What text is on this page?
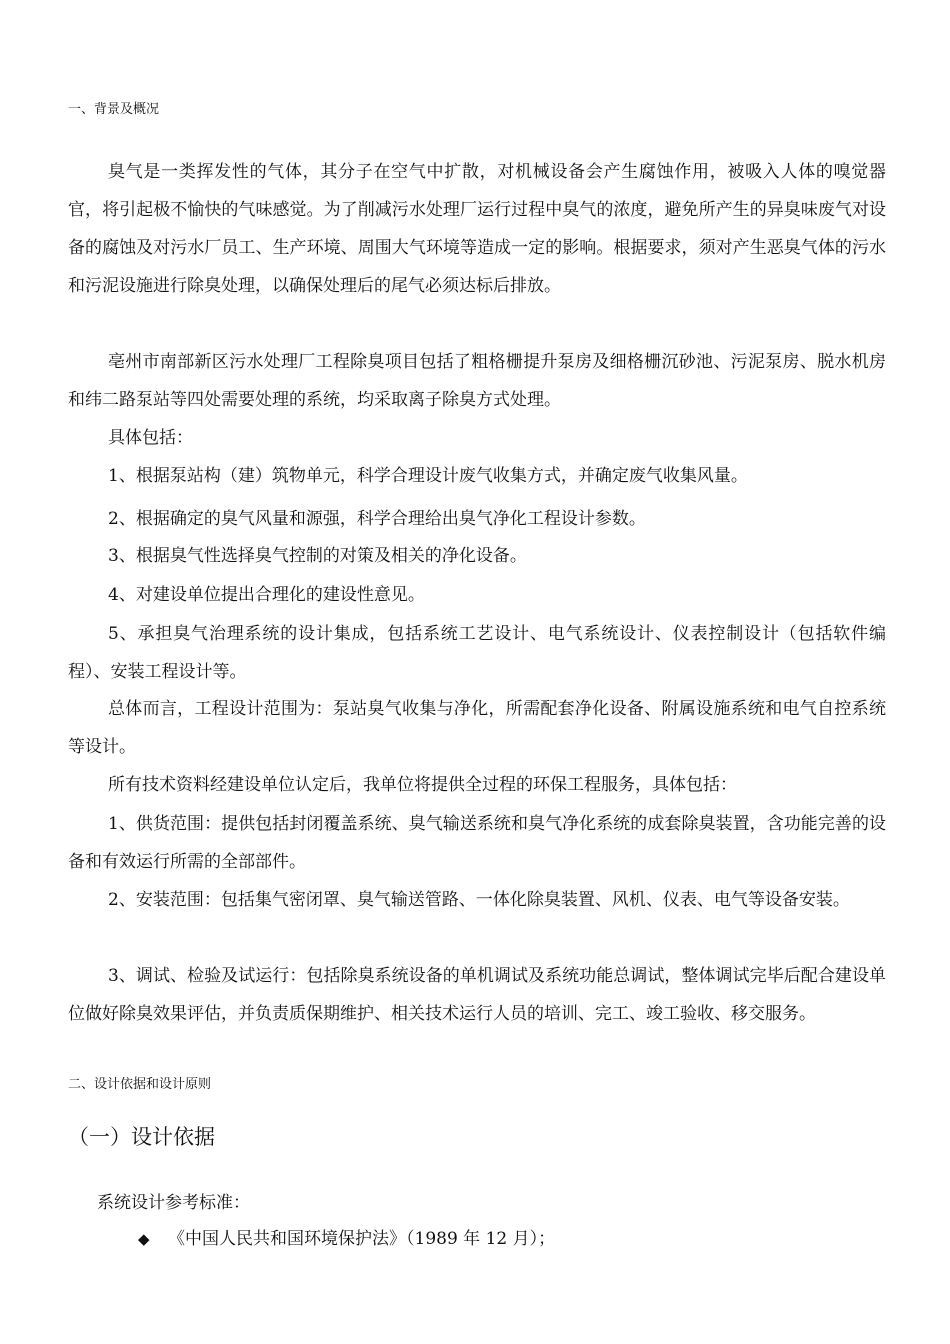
一、背景及概况

臭气是一类挥发性的气体，其分子在空气中扩散，对机械设备会产生腐蚀作用，被吸入人体的嗅觉器官，将引起极不愉快的气味感觉。为了削减污水处理厂运行过程中臭气的浓度，避免所产生的异臭味废气对设备的腐蚀及对污水厂员工、生产环境、周围大气环境等造成一定的影响。根据要求，须对产生恶臭气体的污水和污泥设施进行除臭处理，以确保处理后的尾气必须达标后排放。

亳州市南部新区污水处理厂工程除臭项目包括了粗格栅提升泵房及细格栅沉砂池、污泥泵房、脱水机房和纬二路泵站等四处需要处理的系统，均采取离子除臭方式处理。

具体包括：

1、根据泵站构（建）筑物单元，科学合理设计废气收集方式，并确定废气收集风量。

2、根据确定的臭气风量和源强，科学合理给出臭气净化工程设计参数。

3、根据臭气性选择臭气控制的对策及相关的净化设备。

4、对建设单位提出合理化的建设性意见。

5、承担臭气治理系统的设计集成，包括系统工艺设计、电气系统设计、仪表控制设计（包括软件编程）、安装工程设计等。

总体而言，工程设计范围为：泵站臭气收集与净化，所需配套净化设备、附属设施系统和电气自控系统等设计。

所有技术资料经建设单位认定后，我单位将提供全过程的环保工程服务，具体包括：

1、供货范围：提供包括封闭覆盖系统、臭气输送系统和臭气净化系统的成套除臭装置，含功能完善的设备和有效运行所需的全部部件。

2、安装范围：包括集气密闭罩、臭气输送管路、一体化除臭装置、风机、仪表、电气等设备安装。

3、调试、检验及试运行：包括除臭系统设备的单机调试及系统功能总调试，整体调试完毕后配合建设单位做好除臭效果评估，并负责质保期维护、相关技术运行人员的培训、完工、竣工验收、移交服务。

二、设计依据和设计原则
（一）设计依据
系统设计参考标准：
◆ 《中国人民共和国环境保护法》（1989 年 12 月）；
